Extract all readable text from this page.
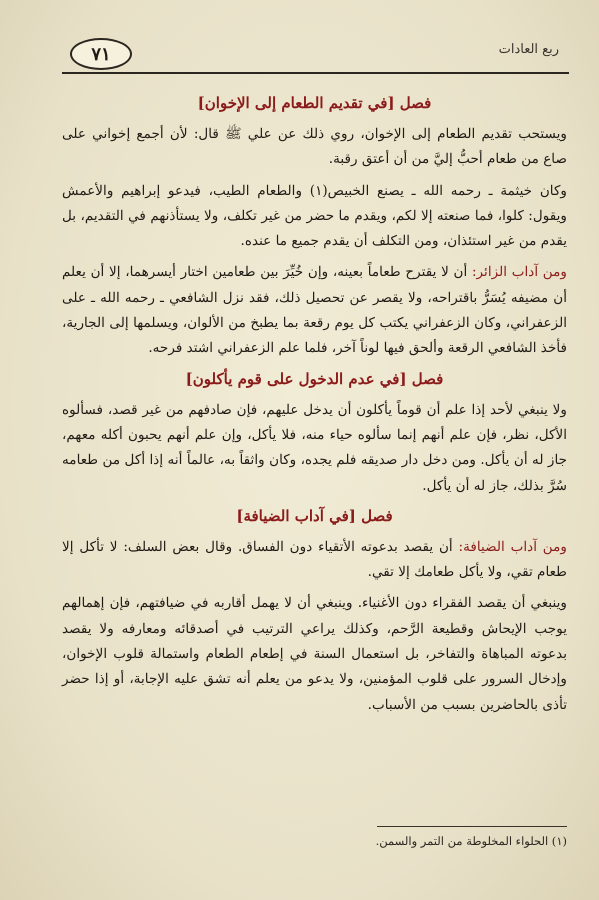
٧١	ربع العادات
فصل [في تقديم الطعام إلى الإخوان]

ويستحب تقديم الطعام إلى الإخوان، روي ذلك عن علي ﷺ قال: لأن أجمع إخواني على صاع من طعام أحبُّ إليَّ من أن أعتق رقبة.

وكان خيثمة ـ رحمه الله ـ يصنع الخبيص(١) والطعام الطيب، فيدعو إبراهيم والأعمش ويقول: كلوا، فما صنعته إلا لكم، ويقدم ما حضر من غير تكلف، ولا يستأذنهم في التقديم، بل يقدم من غير استئذان، ومن التكلف أن يقدم جميع ما عنده.

ومن آداب الزائر: أن لا يقترح طعاماً بعينه، وإن خُيِّرَ بين طعامين اختار أيسرهما، إلا أن يعلم أن مضيفه يُسَرُّ باقتراحه، ولا يقصر عن تحصيل ذلك، فقد نزل الشافعي ـ رحمه الله ـ على الزعفراني، وكان الزعفراني يكتب كل يوم رقعة بما يطبخ من الألوان، ويسلمها إلى الجارية، فأخذ الشافعي الرقعة وألحق فيها لوناً آخر، فلما علم الزعفراني اشتد فرحه.

فصل [في عدم الدخول على قوم يأكلون]

ولا ينبغي لأحد إذا علم أن قوماً يأكلون أن يدخل عليهم، فإن صادفهم من غير قصد، فسألوه الأكل، نظر، فإن علم أنهم إنما سألوه حياء منه، فلا يأكل، وإن علم أنهم يحبون أكله معهم، جاز له أن يأكل. ومن دخل دار صديقه فلم يجده، وكان واثقاً به، عالماً أنه إذا أكل من طعامه سُرَّ بذلك، جاز له أن يأكل.

فصل [في آداب الضيافة]

ومن آداب الضيافة: أن يقصد بدعوته الأتقياء دون الفساق. وقال بعض السلف: لا تأكل إلا طعام تقي، ولا يأكل طعامك إلا تقي.

وينبغي أن يقصد الفقراء دون الأغنياء. وينبغي أن لا يهمل أقاربه في ضيافتهم، فإن إهمالهم يوجب الإيحاش وقطيعة الرَّحم، وكذلك يراعي الترتيب في أصدقائه ومعارفه ولا يقصد بدعوته المباهاة والتفاخر، بل استعمال السنة في إطعام الطعام واستمالة قلوب الإخوان، وإدخال السرور على قلوب المؤمنين، ولا يدعو من يعلم أنه تشق عليه الإجابة، أو إذا حضر تأذى بالحاضرين بسبب من الأسباب.

(١) الحلواء المخلوطة من التمر والسمن.
